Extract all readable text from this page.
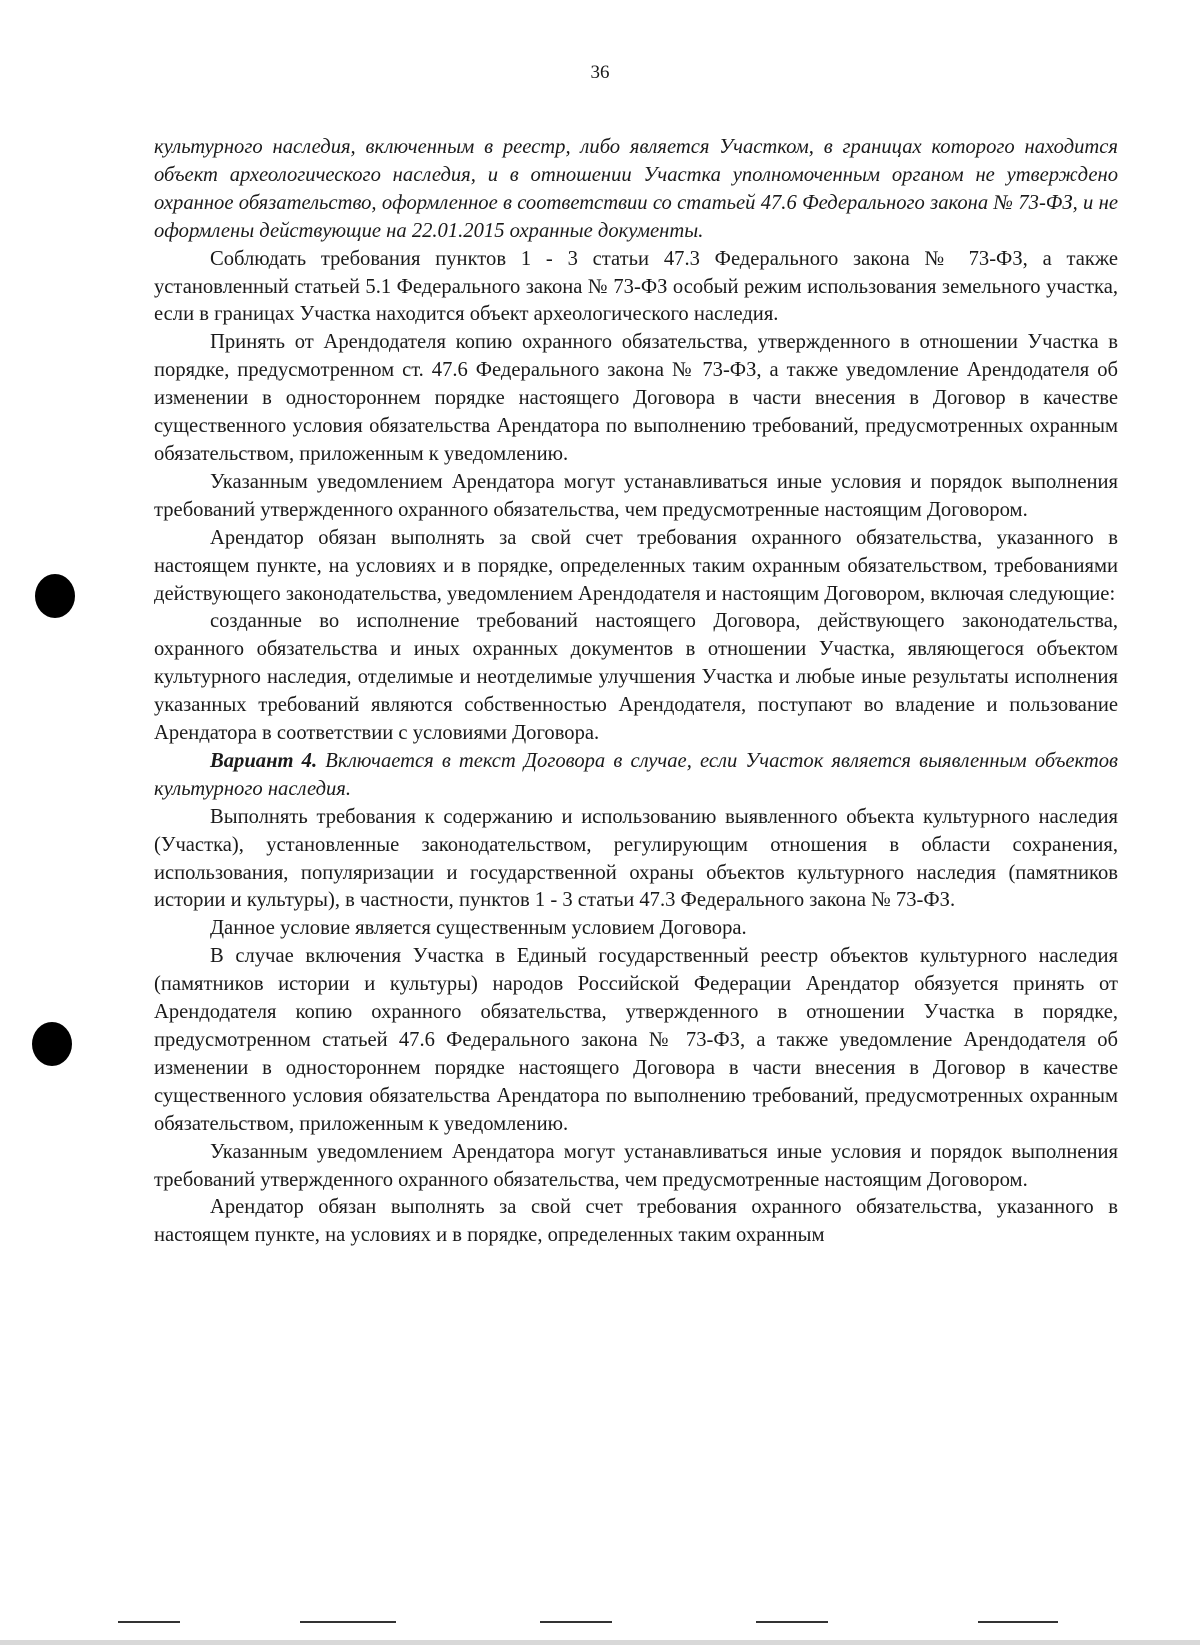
36

культурного наследия, включенным в реестр, либо является Участком, в границах которого находится объект археологического наследия, и в отношении Участка уполномоченным органом не утверждено охранное обязательство, оформленное в соответствии со статьей 47.6 Федерального закона № 73-ФЗ, и не оформлены действующие на 22.01.2015 охранные документы.

Соблюдать требования пунктов 1 - 3 статьи 47.3 Федерального закона № 73-ФЗ, а также установленный статьей 5.1 Федерального закона № 73-ФЗ особый режим использования земельного участка, если в границах Участка находится объект археологического наследия.

Принять от Арендодателя копию охранного обязательства, утвержденного в отношении Участка в порядке, предусмотренном ст. 47.6 Федерального закона № 73-ФЗ, а также уведомление Арендодателя об изменении в одностороннем порядке настоящего Договора в части внесения в Договор в качестве существенного условия обязательства Арендатора по выполнению требований, предусмотренных охранным обязательством, приложенным к уведомлению.

Указанным уведомлением Арендатора могут устанавливаться иные условия и порядок выполнения требований утвержденного охранного обязательства, чем предусмотренные настоящим Договором.

Арендатор обязан выполнять за свой счет требования охранного обязательства, указанного в настоящем пункте, на условиях и в порядке, определенных таким охранным обязательством, требованиями действующего законодательства, уведомлением Арендодателя и настоящим Договором, включая следующие:

созданные во исполнение требований настоящего Договора, действующего законодательства, охранного обязательства и иных охранных документов в отношении Участка, являющегося объектом культурного наследия, отделимые и неотделимые улучшения Участка и любые иные результаты исполнения указанных требований являются собственностью Арендодателя, поступают во владение и пользование Арендатора в соответствии с условиями Договора.

Вариант 4. Включается в текст Договора в случае, если Участок является выявленным объектов культурного наследия.

Выполнять требования к содержанию и использованию выявленного объекта культурного наследия (Участка), установленные законодательством, регулирующим отношения в области сохранения, использования, популяризации и государственной охраны объектов культурного наследия (памятников истории и культуры), в частности, пунктов 1 - 3 статьи 47.3 Федерального закона № 73-ФЗ.

Данное условие является существенным условием Договора.

В случае включения Участка в Единый государственный реестр объектов культурного наследия (памятников истории и культуры) народов Российской Федерации Арендатор обязуется принять от Арендодателя копию охранного обязательства, утвержденного в отношении Участка в порядке, предусмотренном статьей 47.6 Федерального закона № 73-ФЗ, а также уведомление Арендодателя об изменении в одностороннем порядке настоящего Договора в части внесения в Договор в качестве существенного условия обязательства Арендатора по выполнению требований, предусмотренных охранным обязательством, приложенным к уведомлению.

Указанным уведомлением Арендатора могут устанавливаться иные условия и порядок выполнения требований утвержденного охранного обязательства, чем предусмотренные настоящим Договором.

Арендатор обязан выполнять за свой счет требования охранного обязательства, указанного в настоящем пункте, на условиях и в порядке, определенных таким охранным
